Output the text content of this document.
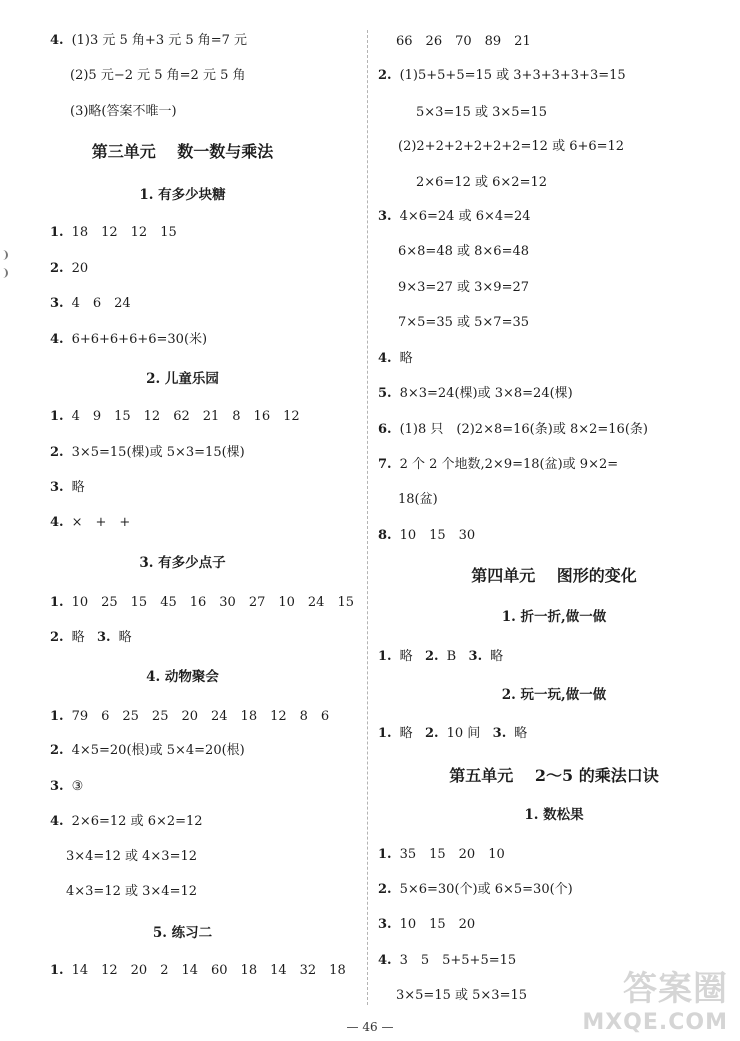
4. (1)3 元 5 角+3 元 5 角=7 元
(2)5 元−2 元 5 角=2 元 5 角
(3)略(答案不唯一)
第三单元　 数一数与乘法
1. 有多少块糖
1. 18　12　12　15
2. 20
3. 4　6　24
4. 6+6+6+6+6=30(米)
2. 儿童乐园
1. 4　9　15　12　62　21　8　16　12
2. 3×5=15(棵)或 5×3=15(棵)
3. 略
4. ×　+　+
3. 有多少点子
1. 10　25　15　45　16　30　27　10　24　15
2. 略 3. 略
4. 动物聚会
1. 79　6　25　25　20　24　18　12　8　6
2. 4×5=20(根)或 5×4=20(根)
3. ③
4. 2×6=12 或 6×2=12
3×4=12 或 4×3=12
4×3=12 或 3×4=12
5. 练习二
1. 14　12　20　2　14　60　18　14　32　18
66　26　70　89　21
2. (1)5+5+5=15 或 3+3+3+3+3=15
5×3=15 或 3×5=15
(2)2+2+2+2+2+2=12 或 6+6=12
2×6=12 或 6×2=12
3. 4×6=24 或 6×4=24
6×8=48 或 8×6=48
9×3=27 或 3×9=27
7×5=35 或 5×7=35
4. 略
5. 8×3=24(棵)或 3×8=24(棵)
6. (1)8 只　(2)2×8=16(条)或 8×2=16(条)
7. 2 个 2 个地数,2×9=18(盆)或 9×2=
18(盆)
8. 10　15　30
第四单元　 图形的变化
1. 折一折,做一做
1. 略 2. B 3. 略
2. 玩一玩,做一做
1. 略 2. 10 间 3. 略
第五单元　 2～5 的乘法口诀
1. 数松果
1. 35　15　20　10
2. 5×6=30(个)或 6×5=30(个)
3. 10　15　20
4. 3　5　5+5+5=15
3×5=15 或 5×3=15
— 46 —
答案圈
MXQE.COM
